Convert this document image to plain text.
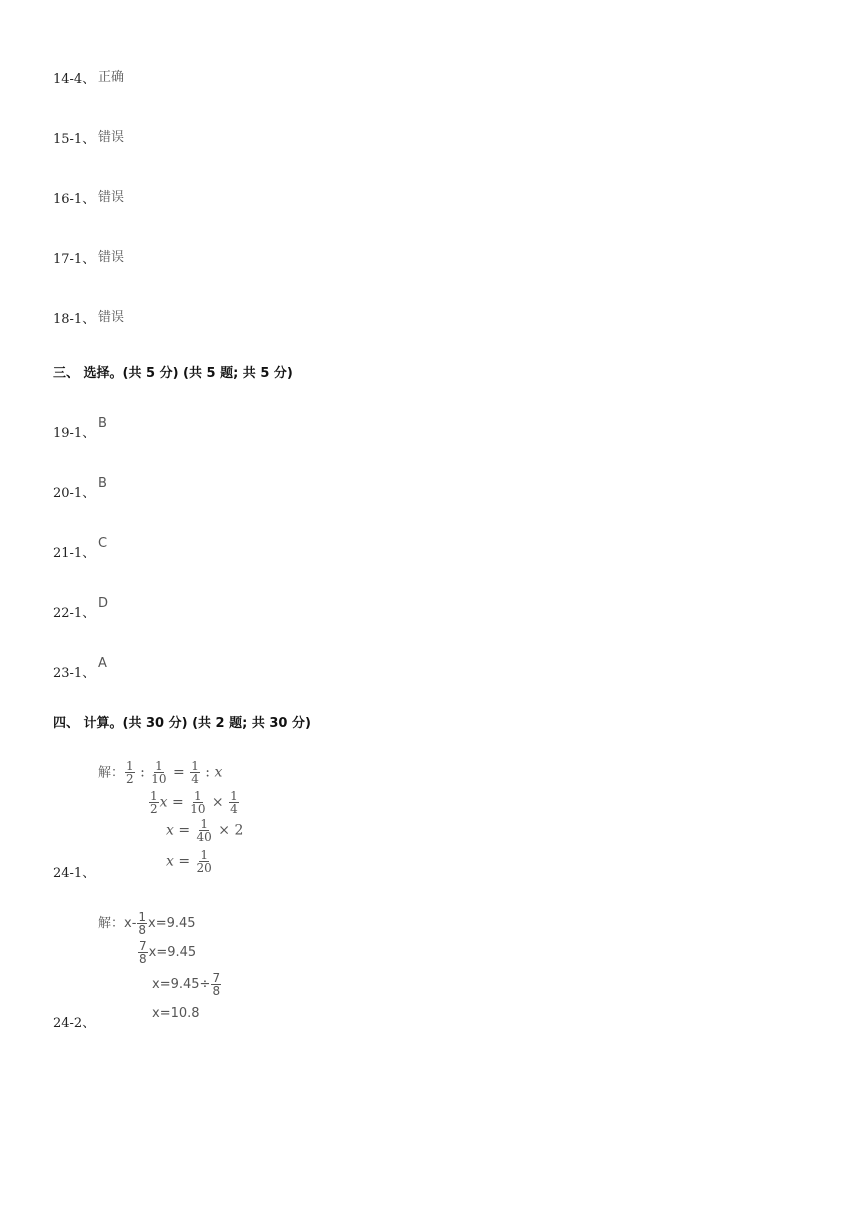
14-4、 正确
15-1、 错误
16-1、 错误
17-1、 错误
18-1、 错误
三、 选择。(共 5 分) (共 5 题; 共 5 分)
19-1、
B
20-1、
B
21-1、
C
22-1、
D
23-1、
A
四、 计算。(共 30 分) (共 2 题; 共 30 分)
解： $\frac{1}{2}$ : $\frac{1}{10} = \frac{1}{4}$ : x
$\frac{1}{2}$ $x = \frac{1}{10} \times \frac{1}{4}$
$x = \frac{1}{40} \times 2$
24-1、
$x = \frac{1}{20}$
解：$x- \frac{1}{8} x=9.45$
$\frac{7}{8} x=9.45$
$x=9.45\div \frac{7}{8}$
24-2、
x=10.8
